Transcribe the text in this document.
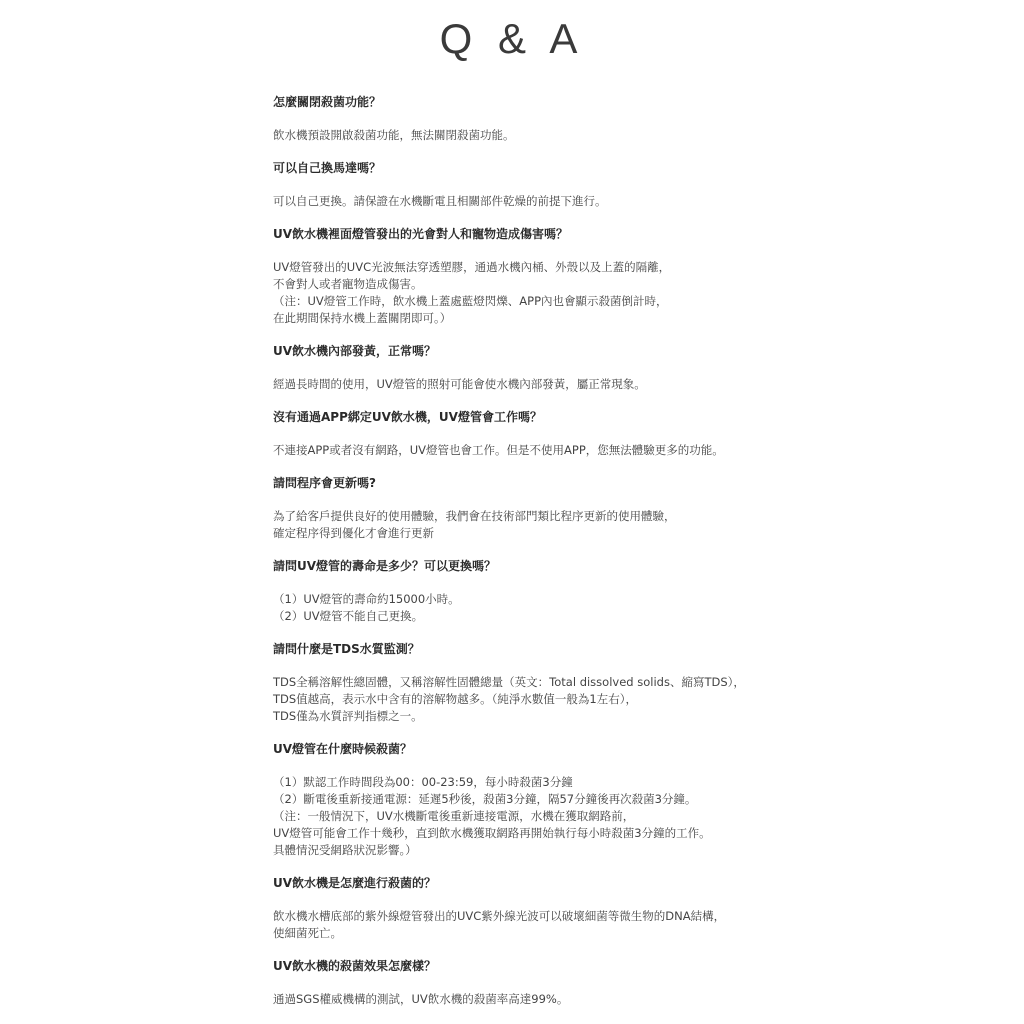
Q & A
怎麼關閉殺菌功能？
飲水機預設開啟殺菌功能，無法關閉殺菌功能。
可以自己換馬達嗎？
可以自己更換。請保證在水機斷電且相關部件乾燥的前提下進行。
UV飲水機裡面燈管發出的光會對人和寵物造成傷害嗎？
UV燈管發出的UVC光波無法穿透塑膠，通過水機內桶、外殼以及上蓋的隔離，
不會對人或者寵物造成傷害。
（注：UV燈管工作時，飲水機上蓋處藍燈閃爍、APP內也會顯示殺菌倒計時，
在此期間保持水機上蓋關閉即可。）
UV飲水機內部發黃，正常嗎？
經過長時間的使用，UV燈管的照射可能會使水機內部發黃，屬正常現象。
沒有通過APP綁定UV飲水機，UV燈管會工作嗎？
不連接APP或者沒有網路，UV燈管也會工作。但是不使用APP，您無法體驗更多的功能。
請問程序會更新嗎?
為了給客戶提供良好的使用體驗，我們會在技術部門類比程序更新的使用體驗，
確定程序得到優化才會進行更新
請問UV燈管的壽命是多少？可以更換嗎？
（1）UV燈管的壽命約15000小時。
（2）UV燈管不能自己更換。
請問什麼是TDS水質監測？
TDS全稱溶解性總固體，又稱溶解性固體總量（英文：Total dissolved solids、縮寫TDS），
TDS值越高，表示水中含有的溶解物越多。（純淨水數值一般為1左右），
TDS僅為水質評判指標之一。
UV燈管在什麼時候殺菌？
（1）默認工作時間段為00：00-23:59，每小時殺菌3分鐘
（2）斷電後重新接通電源：延遲5秒後，殺菌3分鐘，隔57分鐘後再次殺菌3分鐘。
（注：一般情況下，UV水機斷電後重新連接電源，水機在獲取網路前，
UV燈管可能會工作十幾秒，直到飲水機獲取網路再開始執行每小時殺菌3分鐘的工作。
具體情況受網路狀況影響。）
UV飲水機是怎麼進行殺菌的？
飲水機水槽底部的紫外線燈管發出的UVC紫外線光波可以破壞細菌等微生物的DNA結構，
使細菌死亡。
UV飲水機的殺菌效果怎麼樣？
通過SGS權威機構的測試，UV飲水機的殺菌率高達99%。
